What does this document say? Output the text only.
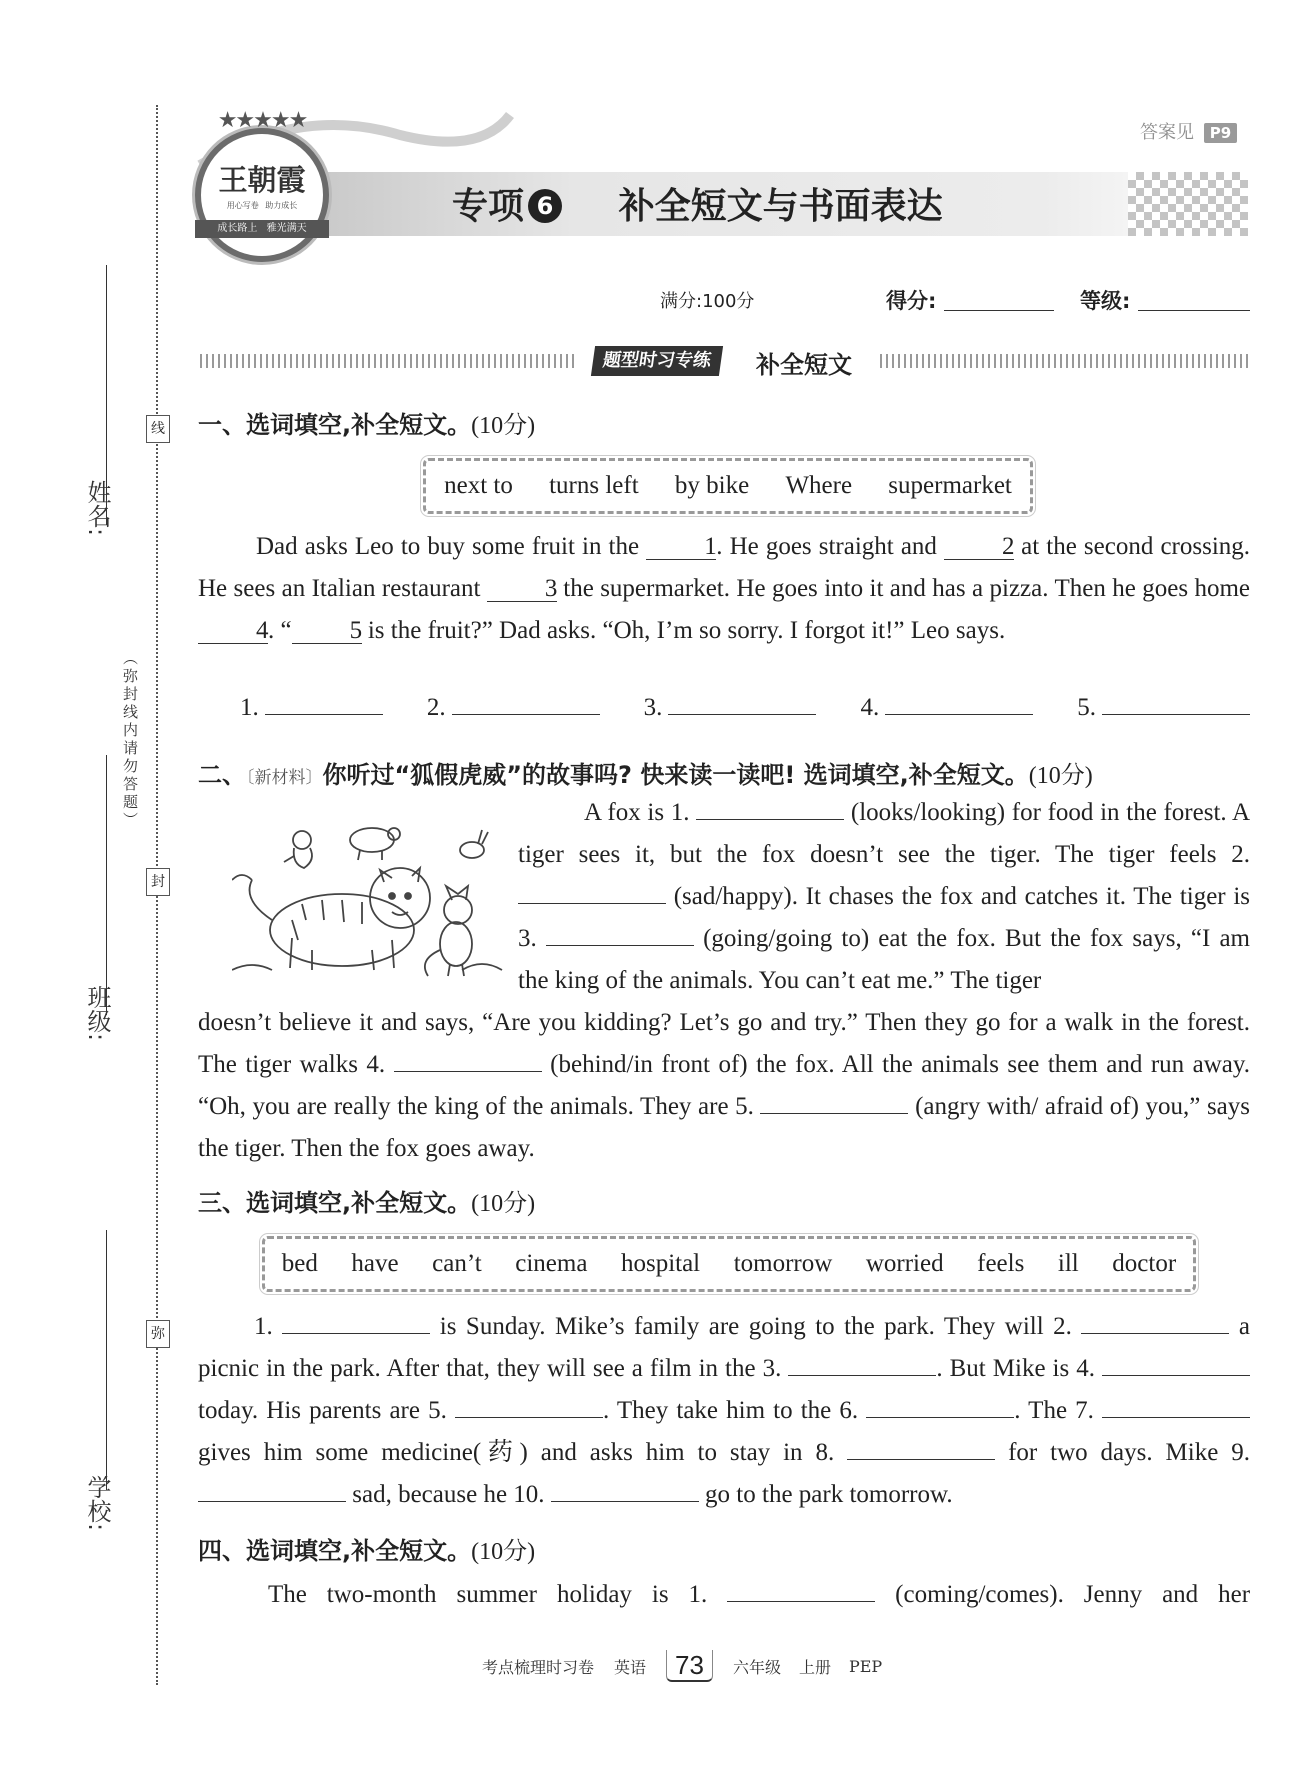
姓名:
班级:
学校:
（弥封线内请勿答题）
线
封
弥
答案见 P9
★★★★★
王朝霞
用心写卷 助力成长
成长路上 雅光满天
专项 6 补全短文与书面表达
满分:100分	得分:	等级:
题型时习专练	补全短文
一、选词填空,补全短文。(10分)
next to turns left by bike Where supermarket
Dad asks Leo to buy some fruit in the	1. He goes straight and	2 at the second crossing. He sees an Italian restaurant	3 the supermarket. He goes into it and has a pizza. Then he goes home 4. “ 5 is the fruit?” Dad asks. “Oh, I’m so sorry. I forgot it!” Leo says.
1.	2.	3.	4.	5.
二、〔新材料〕你听过“狐假虎威”的故事吗? 快来读一读吧! 选词填空,补全短文。(10分)
A fox is 1.	(looks/looking) for food in the forest. A tiger sees it, but the fox doesn’t see the tiger. The tiger feels 2.  (sad/happy). It chases the fox and catches it. The tiger is 3.	(going/going to) eat the fox. But the fox says, “I am the king of the animals. You can’t eat me.” The tiger
doesn’t believe it and says, “Are you kidding? Let’s go and try.” Then they go for a walk in the forest. The tiger walks 4.	(behind/in front of) the fox. All the animals see them and run away. “Oh, you are really the king of the animals. They are 5.	(angry with/ afraid of) you,” says the tiger. Then the fox goes away.
三、选词填空,补全短文。(10分)
bed have can’t cinema hospital tomorrow worried feels ill doctor
1.	is Sunday. Mike’s family are going to the park. They will 2.	a picnic in the park. After that, they will see a film in the 3.	. But Mike is 4.  today. His parents are 5.	. They take him to the 6.	. The 7.  gives him some medicine(药) and asks him to stay in 8.	for two days. Mike 9.  sad, because he 10.	go to the park tomorrow.
四、选词填空,补全短文。(10分)
The two-month summer holiday is 1.	(coming/comes). Jenny and her
考点梳理时习卷 英语	73	六年级 上册 PEP
